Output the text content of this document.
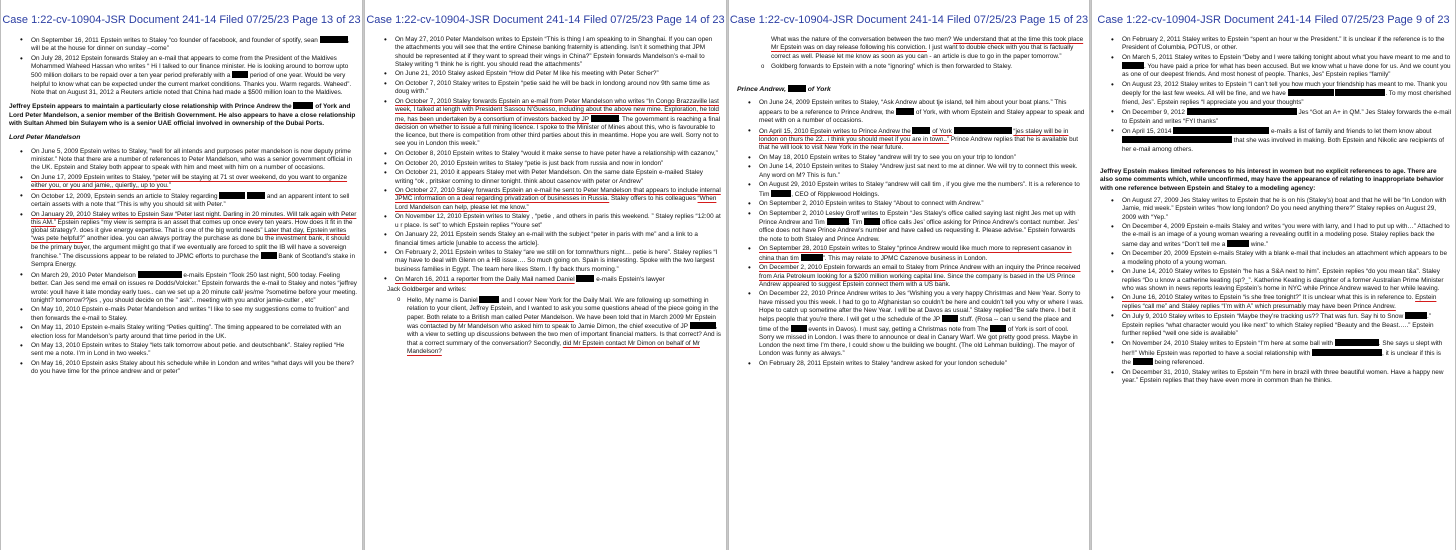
Case 1:22-cv-10904-JSR Document 241-14 Filed 07/25/23 Page 13 of 23
• On September 16, 2011 Epstein writes to Staley “co founder of facebook, and founder of spotify, sean	, will be at the house for dinner on sunday –come”
• On July 28, 2012 Epstein forwards Staley an e-mail that appears to come from the President of the Maldives Mohammed Waheed Hassan who writes “ Hi I talked to our finance minister. He is looking around to borrow upto 500 million dollars to be repaid over a ten year period preferably with a	period of one year. Would be very helpful to know what can be expected under the current market conditions. Thanks you. Warm regards. Waheed”. Note that on August 31, 2012 a Reuters article noted that China had made a $500 million loan to the Maldives.
Jeffrey Epstein appears to maintain a particularly close relationship with Prince Andrew the	of York and Lord Peter Mandelson, a senior member of the British Government. He also appears to have a close relationship with Sultan Ahmed bin Sulayem who is a senior UAE official involved in ownership of the Dubai Ports.
Lord Peter Mandelson
• On June 5, 2009 Epstein writes to Staley, “well for all intends and purposes peter mandelson is now deputy prime minister.” Note that there are a number of references to Peter Mandelson, who was a senior government official in the UK. Epstein and Staley both appear to speak with him and meet with him on a number of occasions.
• On June 17, 2009 Epstein writes to Staley, “peter will be staying at 71 st over weekend, do you want to organize either you, or you and jamie,, quiertly,, up to you.”
• On October 12, 2009, Epstein sends an article to Staley regarding	and an apparent intent to sell certain assets with a note that “This is why you should sit with Peter.”
• On January 29, 2010 Staley writes to Epstein Saw “Peter last night. Darling in 20 minutes. Will talk again with Peter this AM.” Epstein replies “my view is sempra is an asset that comes up once every ten years. How does it fit in the global strategy?. does it give energy expertise. That is one of the big world needs” Later that day, Epstein writes “was pete helpful?” another idea. you can always portray the purchase as done bu the investment bank, it should be the primary buyer, the argument miight go that if we eventually are forced to split the IB will have a sovereign franchise.” The discussions appear to be related to JPMC efforts to purchase the	Bank of Scotland’s stake in Sempra Energy.
• On March 29, 2010 Peter Mandelson	e-mails Epstein “Took 250 last night, 500 today. Feeling better. Can Jes send me email on issues re Dodds/Volcker.” Epstein forwards the e-mail to Staley and notes “jeffrey wrote: youll have it late monday early tues.. can we set up a 20 minute call/ jes/me ?sometime before your meeting. tonight? tomorrow??jes , you should decide on the ” ask”.. meeting with you and/or jamie-cutler , etc”
• On May 10, 2010 Epstein e-mails Peter Mandelson and writes “I like to see my suggestions come to fruition” and then forwards the e-mail to Staley.
• On May 11, 2010 Epstein e-mails Staley writing “Peties quitting”. The timing appeared to be correlated with an election loss for Mandelson’s party around that time period in the UK.
• On May 13, 2010 Epstein writes to Staley “lets talk tomorrow about petie. and deutschbank”. Staley replied “He sent me a note. I’m in Lond in two weeks.”
• On May 16, 2010 Epstein asks Staley about his schedule while in London and writes “what days will you be there? do you have time for the prince andrew and or peter”
Case 1:22-cv-10904-JSR Document 241-14 Filed 07/25/23 Page 14 of 23
• On May 27, 2010 Peter Mandelson writes to Epstein “This is thing I am speaking to in Shanghai. If you can open the attachments you will see that the entire Chinese banking fraternity is attending. Isn’t it something that JPM should be represented at if they want to spread their wings in China?” Epstein forwards Mandelson’s e-mail to Staley writing “I think he is right. you should read the attachments”
• On June 21, 2010 Staley asked Epstein “How did Peter M like his meeting with Peter Scher?”
• On October 7, 2010 Staley writes to Epstein “petie said he will be back in londong around nov 9th same time as doug wirth.”
• On October 7, 2010 Staley forwards Epstein an e-mail from Peter Mandelson who writes “In Congo Brazzaville last week, I talked at length with President Sassou N’Guesso, including about the above new mine. Exploration, he told me, has been undertaken by a consortium of investors backed by JP	. The government is reaching a final decision on whether to issue a full mining licence. I spoke to the Minister of Mines about this, who is favourable to the licence, but there is competition from other third parties about this in meantime. Hope you are well. Sorry not to see you in London this week.”
• On October 8, 2010 Epstein writes to Staley “would it make sense to have peter have a relationship with cazanov,”
• On October 20, 2010 Epstein writes to Staley “petie is just back from russia and now in london”
• On October 21, 2010 it appears Staley met with Peter Mandelson. On the same date Epstein e-mailed Staley writing “ok , pritsker coming to dinner tonight. think about casenov with peter or Andrew”
• On October 27, 2010 Staley forwards Epstein an e-mail he sent to Peter Mandelson that appears to include internal JPMC information on a deal regarding privatization of businesses in Russia. Staley offers to his colleagues “When Lord Mandelson can help, please let me know.”
• On November 12, 2010 Epstein writes to Staley , “petie , and others in paris this weekend. ” Staley replies “12:00 at u r place. Is set” to which Epstein replies “Youre set”
• On January 22, 2011 Epstein sends Staley an e-mail with the subject “peter in paris with me” and a link to a financial times article [unable to access the article].
• On February 2, 2011 Epstein writes to Staley “are we still on for tomrw/thurs night… petie is here”. Staley replies “I may have to deal with Glenn on a HB issue…. So much going on. Spain is interesting. Spoke with the two largest business families in Egypt. The team here likes Stern. I fly back thurs morning.”
• On March 16, 2011 a reporter from the Daily Mail named Daniel	e-mails Epstein’s lawyer
Jack Goldberger and writes:
o Hello, My name is Daniel	and I cover New York for the Daily Mail. We are following up something in relation to your client, Jeffrey Epstein, and I wanted to ask you some questions ahead of the piece going in the paper. Both relate to a British man called Peter Mandelson. We have been told that in March 2009 Mr Epstein was contacted by Mr Mandelson who asked him to speak to Jamie Dimon, the chief executive of JP	, with a view to setting up discussions between the two men of important financial matters. Is that correct? And is that a correct summary of the conversation? Secondly, did Mr Epstein contact Mr Dimon on behalf of Mr Mandelson?
Case 1:22-cv-10904-JSR Document 241-14 Filed 07/25/23 Page 15 of 23
What was the nature of the conversation between the two men? We understand that at the time this took place Mr Epstein was on day release following his conviction. I just want to double check with you that is factually correct as well. Please let me know as soon as you can - an article is due to go in the paper tomorrow.”
o Goldberg forwards to Epstein with a note “ignoring” which is then forwarded to Staley.
Prince Andrew,	of York
• On June 24, 2009 Epstein writes to Staley, “Ask Andrew about tje island, tell him about your boat plans.” This appears to be a reference to Prince Andrew, the	of York, with whom Epstein and Staley appear to speak and meet with on a number of occasions.
• On April 15, 2010 Epstein writes to Prince Andrew the	of York	“jes staley will be in london on thurs the 22.. i think you should meet if you are in town..” Prince Andrew replies that he is available but that he will look to visit New York in the near future.
• On May 18, 2010 Epstein writes to Staley “andrew will try to see you on your trip to london”
• On June 14, 2010 Epstein writes to Staley “Andrew just sat next to me at dinner. We will try to connect this week. Any word on M? This is fun.”
• On August 29, 2010 Epstein writes to Staley “andrew will call tim , if you give me the numbers”. It is a reference to Tim	, CEO of Ripplewood Holdings.
• On September 2, 2010 Epstein writes to Staley “About to connect with Andrew.”
• On September 2, 2010 Lesley Groff writes to Epstein “Jes Staley’s office called saying last night Jes met up with Prince Andrew and Tim	. Tim	office calls Jes’ office asking for Prince Andrew’s contact number. Jes’ office does not have Prince Andrew’s number and have called us requesting it. Please advise.” Epstein forwards the note to both Staley and Prince Andrew.
• On September 28, 2010 Epstein writes to Staley “prince Andrew would like much more to represent casanov in china than tim	”. This may relate to JPMC Cazenove business in London.
• On December 2, 2010 Epstein forwards an email to Staley from Prince Andrew with an inquiry the Prince received from Aria Petroleum looking for a $200 million working capital line. Since the company is based in the US Prince Andrew appeared to suggest Epstein connect them with a US bank.
• On December 22, 2010 Prince Andrew writes to Jes “Wishing you a very happy Christmas and New Year. Sorry to have missed you this week. I had to go to Afghanistan so couldn’t be here and couldn’t tell you why or where I was. Hope to catch up sometime after the New Year. I will be at Davos as usual.” Staley replied “Be safe there. I bet it helps people that you’re there. I will get u the schedule of the JP	stuff. (Rosa -- can u send the place and time of the	events in Davos). I must say, getting a Christmas note from The	of York is sort of cool. Sorry we missed in London. I was there to announce or deal in Canary Warf. We got pretty good press. Maybe in London the next time I’m there, I could show u the building we bought. (The old Lehman building). The mayor of London was funny as always.”
• On February 28, 2011 Epstein writes to Staley “andrew asked for your london schedule”
Case 1:22-cv-10904-JSR Document 241-14 Filed 07/25/23 Page 9 of 23
• On February 2, 2011 Staley writes to Epstein “spent an hour w the President.” It is unclear if the reference is to the President of Columbia, POTUS, or other.
• On March 5, 2011 Staley writes to Epstein “Deby and I were talking tonight about what you have meant to me and to . You have paid a price for what has been accused. But we know what u have done for us. And we count you as one of our deepest friends. And most honest of people. Thanks, Jes” Epstein replies “family”
• On August 23, 2012 Staley writes to Epstein “I can’t tell you how much your friendship has meant to me. Thank you deeply for the last few weeks. All will be fine, and we have	. To my most cherished friend, Jes”. Epstein replies “I appreciate you and your thoughts”
• On December 9, 2012	Jes “Got an A+ in QM.” Jes Staley forwards the e-mail to Epstein and writes “FYI thanks”
• On April 15, 2014	e-mails a list of family and friends to let them know about  that she was involved in making. Both Epstein and Nikolic are recipients of her e-mail among others.
Jeffrey Epstein makes limited references to his interest in women but no explicit references to age. There are also some comments which, while unconfirmed, may have the appearance of relating to inappropriate behavior with one reference between Epstein and Staley to a modeling agency:
• On August 27, 2009 Jes Staley writes to Epstein that he is on his (Staley’s) boat and that he will be “In London with Jamie, mid week.” Epstein writes “how long london? Do you need anything there?” Staley replies on August 29, 2009 with “Yep.”
• On December 4, 2009 Epstein e-mails Staley and writes “you were with larry, and I had to put up with…” Attached to the e-mail is an image of a young woman wearing a revealing outfit in a modeling pose. Staley replies back the same day and writes “Don’t tell me a	wine.”
• On December 20, 2009 Epstein e-mails Staley with a blank e-mail that includes an attachment which appears to be a modeling photo of a young woman.
• On June 14, 2010 Staley writes to Epstein “he has a S&A next to him”. Epstein replies “do you mean t&a”. Staley replies “Do u know a catherine keating (sp?_”. Katherine Keating is daughter of a former Australian Prime Minister who was shown in news reports leaving Epstein’s home in NYC while Prince Andrew waved to her while leaving.
• On June 16, 2010 Staley writes to Epstein “is she free tonight?” It is unclear what this is in reference to. Epstein replies “call me” and Staley replies “I’m with A” which presumably may have been Prince Andrew.
• On July 9, 2010 Staley writes to Epstein “Maybe they’re tracking us?? That was fun. Say hi to Snow	.” Epstein replies “what character would you like next” to which Staley replied “Beauty and the Beast…..” Epstein further replied “well one side is available”
• On November 24, 2010 Staley writes to Epstein “I’m here at some ball with	. She says u slept with her!!” While Epstein was reported to have a social relationship with	, it is unclear if this is the	being referenced.
• On December 31, 2010, Staley writes to Epstein “I’m here in brazil with three beautiful women. Have a happy new year.” Epstein replies that they have even more in common than he thinks.
